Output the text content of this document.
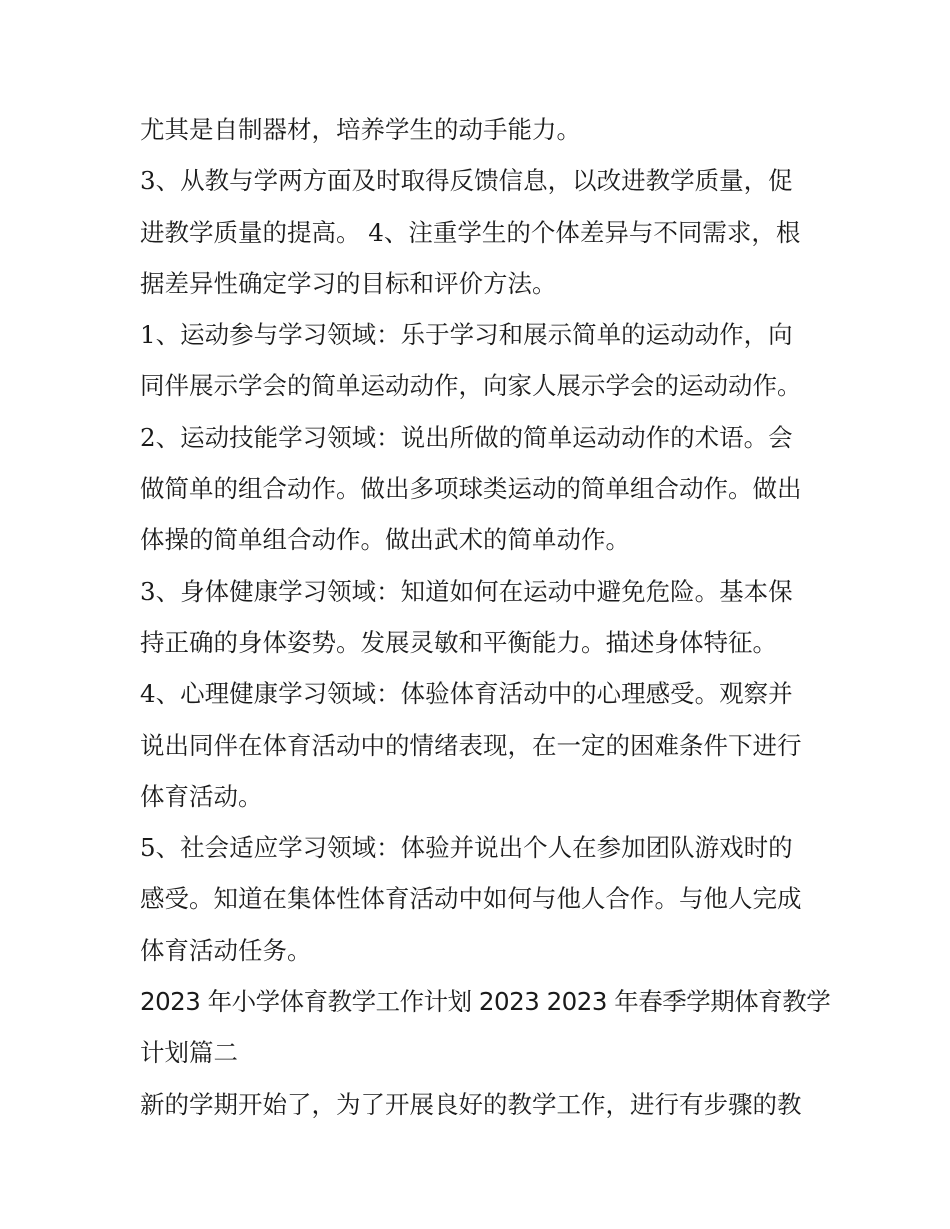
尤其是自制器材，培养学生的动手能力。
3、从教与学两方面及时取得反馈信息，以改进教学质量，促
进教学质量的提高。 4、注重学生的个体差异与不同需求，根
据差异性确定学习的目标和评价方法。
1、运动参与学习领域：乐于学习和展示简单的运动动作，向
同伴展示学会的简单运动动作，向家人展示学会的运动动作。
2、运动技能学习领域：说出所做的简单运动动作的术语。会
做简单的组合动作。做出多项球类运动的简单组合动作。做出
体操的简单组合动作。做出武术的简单动作。
3、身体健康学习领域：知道如何在运动中避免危险。基本保
持正确的身体姿势。发展灵敏和平衡能力。描述身体特征。
4、心理健康学习领域：体验体育活动中的心理感受。观察并
说出同伴在体育活动中的情绪表现，在一定的困难条件下进行
体育活动。
5、社会适应学习领域：体验并说出个人在参加团队游戏时的
感受。知道在集体性体育活动中如何与他人合作。与他人完成
体育活动任务。
2023 年小学体育教学工作计划 2023 2023 年春季学期体育教学
计划篇二
新的学期开始了，为了开展良好的教学工作，进行有步骤的教
